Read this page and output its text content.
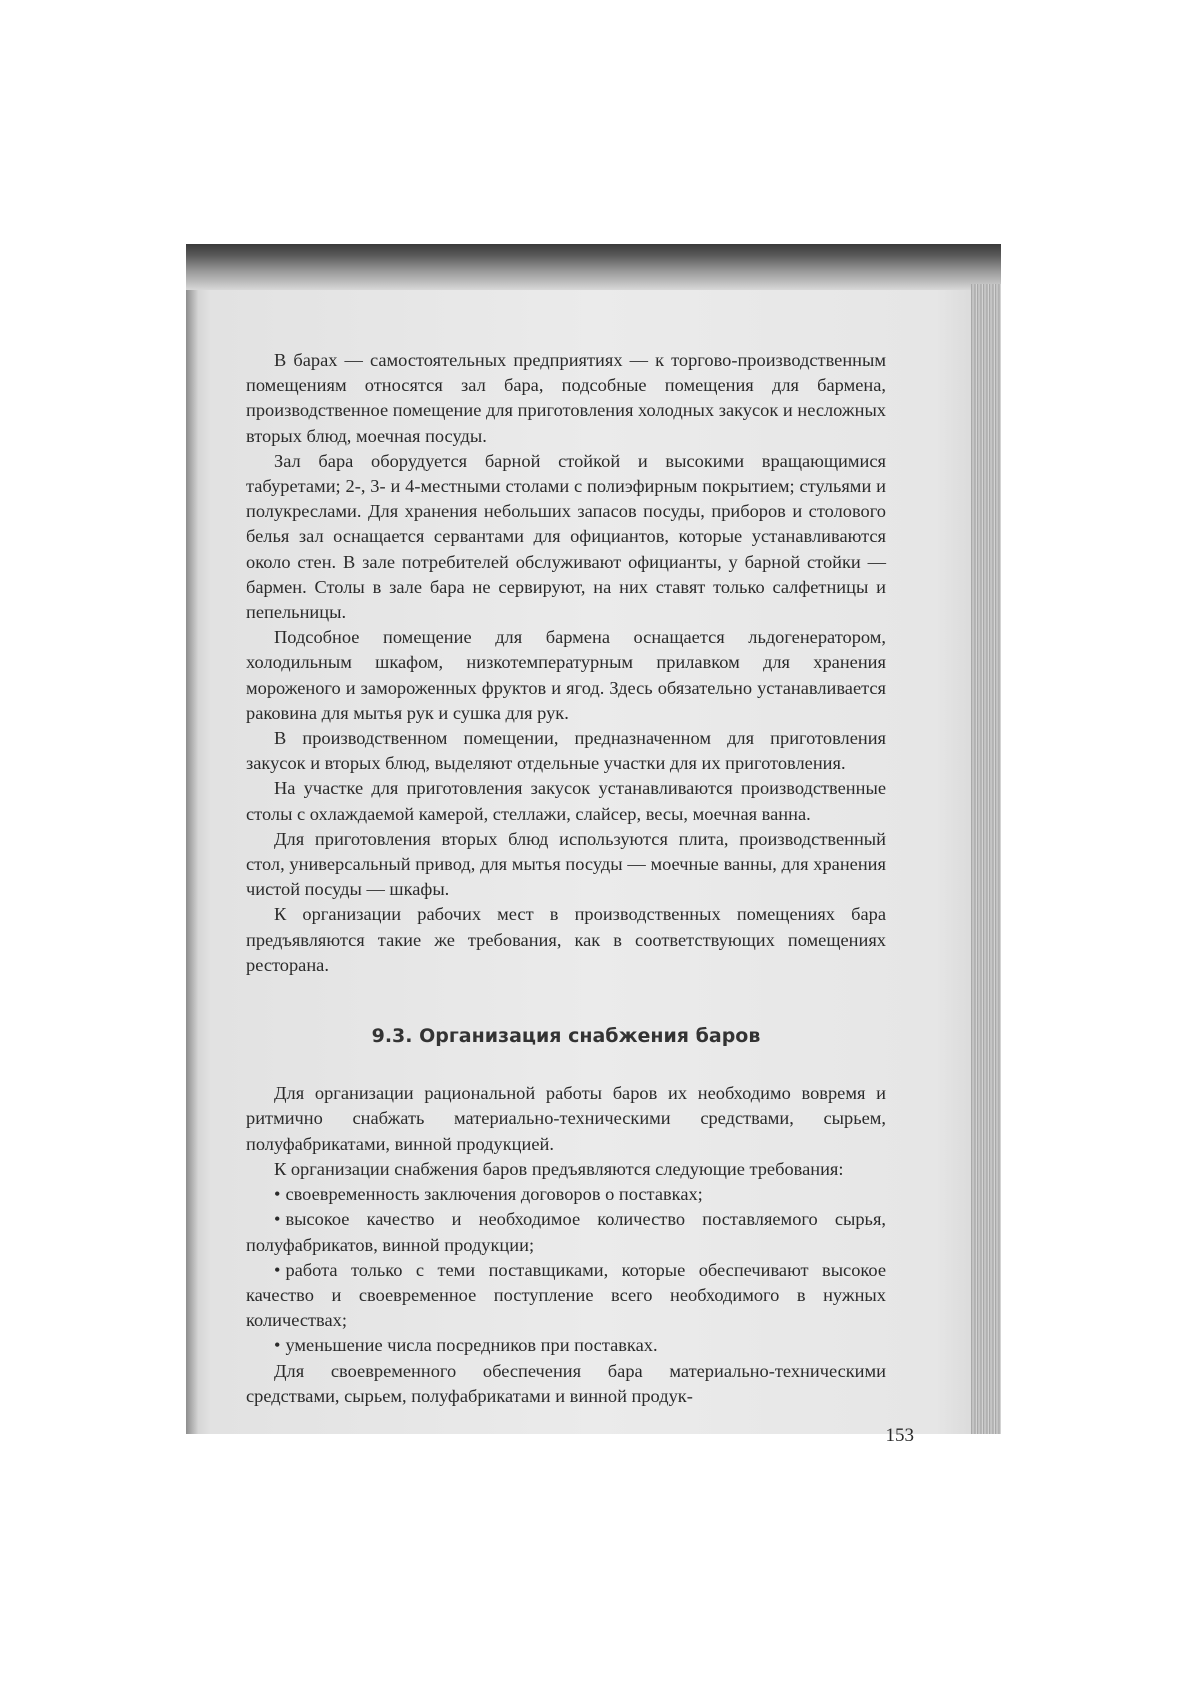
В барах — самостоятельных предприятиях — к торгово-производственным помещениям относятся зал бара, подсобные помещения для бармена, производственное помещение для приготовления холодных закусок и несложных вторых блюд, моечная посуды.

Зал бара оборудуется барной стойкой и высокими вращающимися табуретами; 2-, 3- и 4-местными столами с полиэфирным покрытием; стульями и полукреслами. Для хранения небольших запасов посуды, приборов и столового белья зал оснащается сервантами для официантов, которые устанавливаются около стен. В зале потребителей обслуживают официанты, у барной стойки — бармен. Столы в зале бара не сервируют, на них ставят только салфетницы и пепельницы.

Подсобное помещение для бармена оснащается льдогенератором, холодильным шкафом, низкотемпературным прилавком для хранения мороженого и замороженных фруктов и ягод. Здесь обязательно устанавливается раковина для мытья рук и сушка для рук.

В производственном помещении, предназначенном для приготовления закусок и вторых блюд, выделяют отдельные участки для их приготовления.

На участке для приготовления закусок устанавливаются производственные столы с охлаждаемой камерой, стеллажи, слайсер, весы, моечная ванна.

Для приготовления вторых блюд используются плита, производственный стол, универсальный привод, для мытья посуды — моечные ванны, для хранения чистой посуды — шкафы.

К организации рабочих мест в производственных помещениях бара предъявляются такие же требования, как в соответствующих помещениях ресторана.

9.3. Организация снабжения баров

Для организации рациональной работы баров их необходимо вовремя и ритмично снабжать материально-техническими средствами, сырьем, полуфабрикатами, винной продукцией.

К организации снабжения баров предъявляются следующие требования:

• своевременность заключения договоров о поставках;
• высокое качество и необходимое количество поставляемого сырья, полуфабрикатов, винной продукции;
• работа только с теми поставщиками, которые обеспечивают высокое качество и своевременное поступление всего необходимого в нужных количествах;
• уменьшение числа посредников при поставках.

Для своевременного обеспечения бара материально-техническими средствами, сырьем, полуфабрикатами и винной продук-

153
